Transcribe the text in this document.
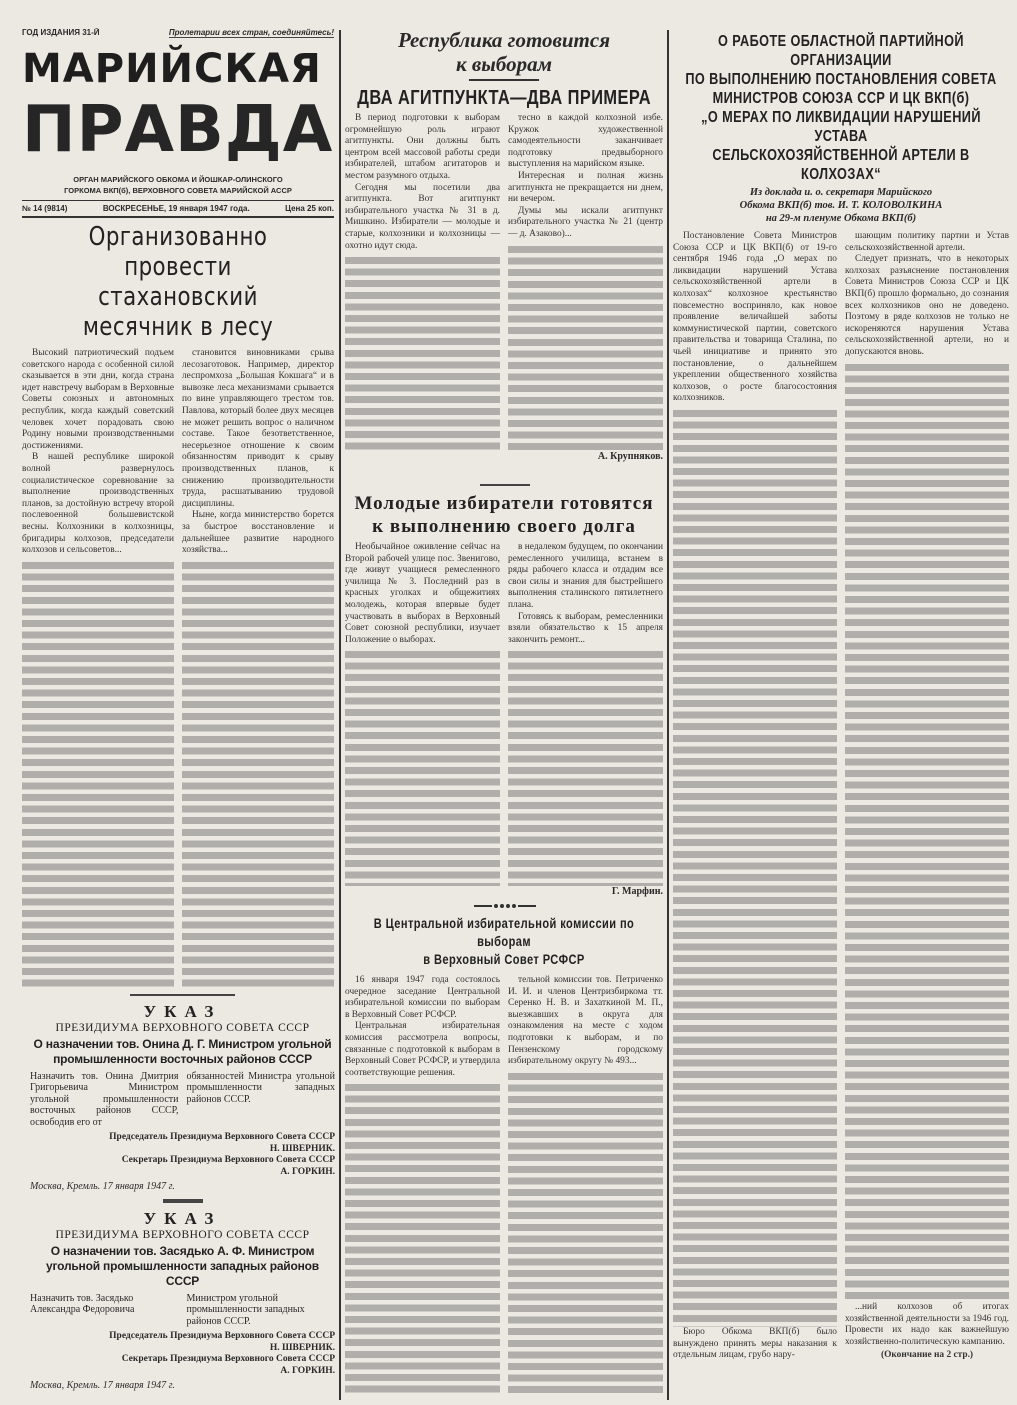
ГОД ИЗДАНИЯ 31-Й	Пролетарии всех стран, соединяйтесь!
МАРИЙСКАЯ
ПРАВДА
ОРГАН МАРИЙСКОГО ОБКОМА И ЙОШКАР-ОЛИНСКОГО
ГОРКОМА ВКП(б), ВЕРХОВНОГО СОВЕТА МАРИЙСКОЙ АССР
№ 14 (9814)	ВОСКРЕСЕНЬЕ, 19 января 1947 года.	Цена 25 коп.
Организованно провести
стахановский месячник в лесу

Высокий патриотический подъем советского народа с особенной силой сказывается в эти дни, когда страна идет навстречу выборам в Верховные Советы союзных и автономных республик, когда каждый советский человек хочет порадовать свою Родину новыми производственными достижениями.

В нашей республике широкой волной развернулось социалистическое соревнование за выполнение производственных планов, за достойную встречу второй послевоенной большевистской весны. Колхозники в колхозницы, бригадиры колхозов, председатели колхозов и сельсоветов...

становится виновниками срыва лесозаготовок. Например, директор леспромхоза „Большая Кокшага“ и в вывозке леса механизмами срывается по вине управляющего трестом тов. Павлова, который более двух месяцев не может решить вопрос о наличном составе. Такое безответственное, несерьезное отношение к своим обязанностям приводит к срыву производственных планов, к снижению производительности труда, расшатыванию трудовой дисциплины.

Ныне, когда министерство борется за быстрое восстановление и дальнейшее развитие народного хозяйства...

УКАЗ
ПРЕЗИДИУМА ВЕРХОВНОГО СОВЕТА СССР
О назначении тов. Онина Д. Г. Министром угольной промышленности восточных районов СССР
Назначить тов. Онина Дмитрия Григорьевича Министром угольной промышленности восточных районов СССР, освободив его от
обязанностей Министра угольной промышленности западных районов СССР.
Председатель Президиума Верховного Совета СССР
Н. ШВЕРНИК.
Секретарь Президиума Верховного Совета СССР
А. ГОРКИН.
Москва, Кремль. 17 января 1947 г.
УКАЗ
ПРЕЗИДИУМА ВЕРХОВНОГО СОВЕТА СССР
О назначении тов. Засядько А. Ф. Министром угольной промышленности западных районов СССР
Назначить тов. Засядько Александра Федоровича
Министром угольной промышленности западных районов СССР.
Председатель Президиума Верховного Совета СССР
Н. ШВЕРНИК.
Секретарь Президиума Верховного Совета СССР
А. ГОРКИН.
Москва, Кремль. 17 января 1947 г.
Республика готовится
к выборам
ДВА АГИТПУНКТА—ДВА ПРИМЕРА

В период подготовки к выборам огромнейшую роль играют агитпункты. Они должны быть центром всей массовой работы среди избирателей, штабом агитаторов и местом разумного отдыха.

Сегодня мы посетили два агитпункта. Вот агитпункт избирательного участка № 31 в д. Мишкино. Избиратели — молодые и старые, колхозники и колхозницы — охотно идут сюда.

тесно в каждой колхозной избе. Кружок художественной самодеятельности заканчивает подготовку предвыборного выступления на марийском языке.

Интересная и полная жизнь агитпункта не прекращается ни днем, ни вечером.

Думы мы искали агитпункт избирательного участка № 21 (центр — д. Азаково)...

А. Крупняков.
Молодые избиратели готовятся
к выполнению своего долга

Необычайное оживление сейчас на Второй рабочей улице пос. Звенигово, где живут учащиеся ремесленного училища № 3. Последний раз в красных уголках и общежитиях молодежь, которая впервые будет участвовать в выборах в Верховный Совет союзной республики, изучает Положение о выборах.

в недалеком будущем, по окончании ремесленного училища, встанем в ряды рабочего класса и отдадим все свои силы и знания для быстрейшего выполнения сталинского пятилетнего плана.

Готовясь к выборам, ремесленники взяли обязательство к 15 апреля закончить ремонт...

Г. Марфин.
В Центральной избирательной комиссии по выборам
в Верховный Совет РСФСР

16 января 1947 года состоялось очередное заседание Центральной избирательной комиссии по выборам в Верховный Совет РСФСР.

Центральная избирательная комиссия рассмотрела вопросы, связанные с подготовкой к выборам в Верховный Совет РСФСР, и утвердила соответствующие решения.

тельной комиссии тов. Петриченко И. И. и членов Центризбиркома тт. Серенко Н. В. и Захаткиной М. П., выезжавших в округа для ознакомления на месте с ходом подготовки к выборам, и по Пензенскому городскому избирательному округу № 493...

О РАБОТЕ ОБЛАСТНОЙ ПАРТИЙНОЙ ОРГАНИЗАЦИИ
ПО ВЫПОЛНЕНИЮ ПОСТАНОВЛЕНИЯ СОВЕТА
МИНИСТРОВ СОЮЗА ССР И ЦК ВКП(б)
„О МЕРАХ ПО ЛИКВИДАЦИИ НАРУШЕНИЙ УСТАВА
СЕЛЬСКОХОЗЯЙСТВЕННОЙ АРТЕЛИ В КОЛХОЗАХ“
Из доклада и. о. секретаря Марийского
Обкома ВКП(б) тов. И. Т. КОЛОВОЛКИНА
на 29-м пленуме Обкома ВКП(б)

Постановление Совета Министров Союза ССР и ЦК ВКП(б) от 19-го сентября 1946 года „О мерах по ликвидации нарушений Устава сельскохозяйственной артели в колхозах“ колхозное крестьянство повсеместно восприняло, как новое проявление величайшей заботы коммунистической партии, советского правительства и товарища Сталина, по чьей инициативе и принято это постановление, о дальнейшем укреплении общественного хозяйства колхозов, о росте благосостояния колхозников.

Бюро Обкома ВКП(б) было вынуждено принять меры наказания к отдельным лицам, грубо нару-

шающим политику партии и Устав сельскохозяйственной артели.

Следует признать, что в некоторых колхозах разъяснение постановления Совета Министров Союза ССР и ЦК ВКП(б) прошло формально, до сознания всех колхозников оно не доведено. Поэтому в ряде колхозов не только не искореняются нарушения Устава сельскохозяйственной артели, но и допускаются вновь.

...ний колхозов об итогах хозяйственной деятельности за 1946 год. Провести их надо как важнейшую хозяйственно-политическую кампанию.

(Окончание на 2 стр.)
